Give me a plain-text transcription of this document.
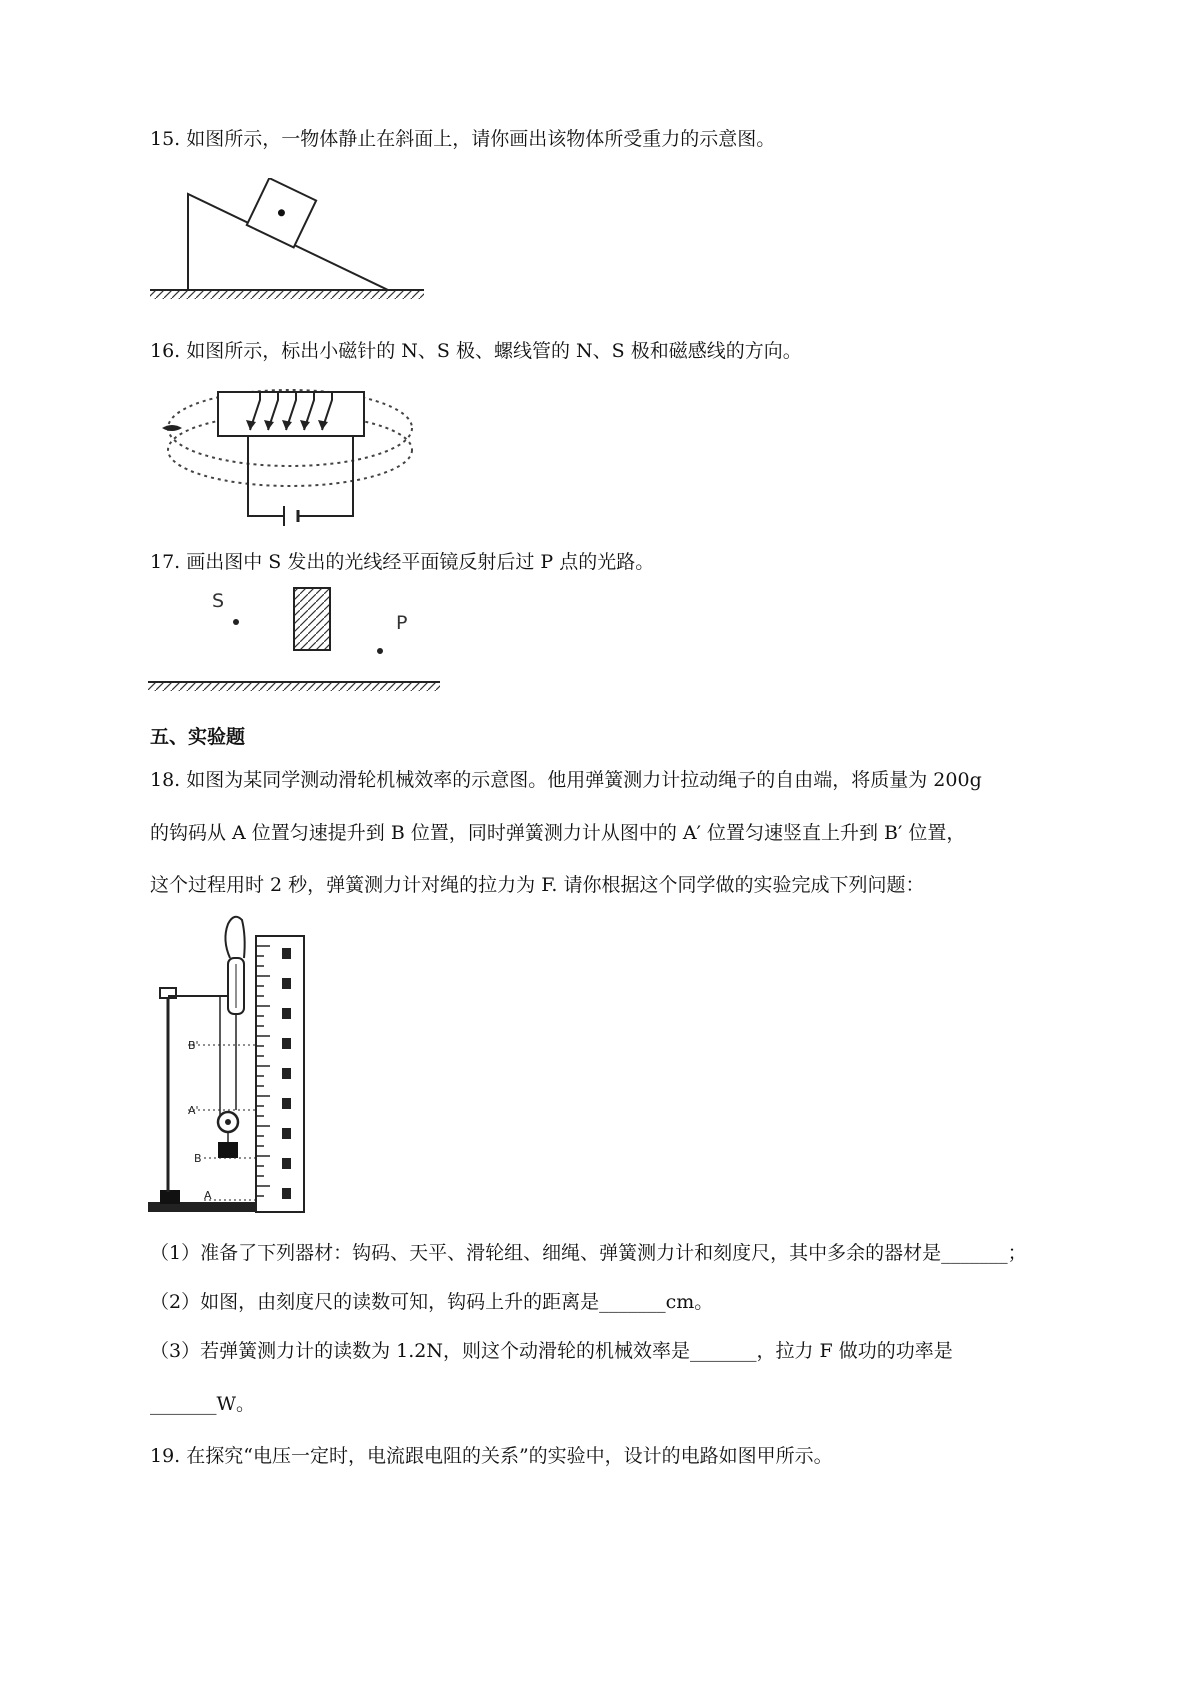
15. 如图所示，一物体静止在斜面上，请你画出该物体所受重力的示意图。
16. 如图所示，标出小磁针的 N、S 极、螺线管的 N、S 极和磁感线的方向。
17. 画出图中 S 发出的光线经平面镜反射后过 P 点的光路。
S
P
五、实验题
18. 如图为某同学测动滑轮机械效率的示意图。他用弹簧测力计拉动绳子的自由端，将质量为 200g
的钩码从 A 位置匀速提升到 B 位置，同时弹簧测力计从图中的 A′ 位置匀速竖直上升到 B′ 位置，
这个过程用时 2 秒，弹簧测力计对绳的拉力为 F. 请你根据这个同学做的实验完成下列问题：
B'
A'
B
A
（1）准备了下列器材：钩码、天平、滑轮组、细绳、弹簧测力计和刻度尺，其中多余的器材是_______；
（2）如图，由刻度尺的读数可知，钩码上升的距离是_______cm。
（3）若弹簧测力计的读数为 1.2N，则这个动滑轮的机械效率是_______，拉力 F 做功的功率是
_______W。
19. 在探究“电压一定时，电流跟电阻的关系”的实验中，设计的电路如图甲所示。
